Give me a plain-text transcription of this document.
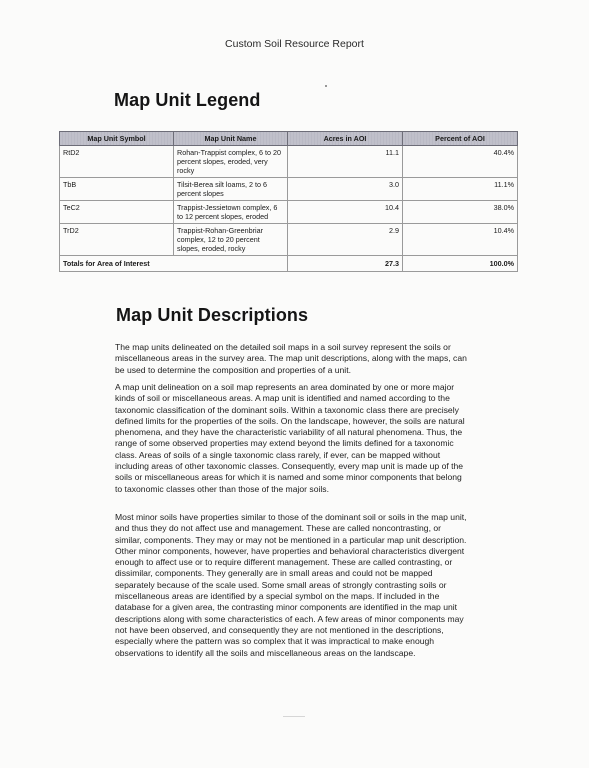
Custom Soil Resource Report
Map Unit Legend
Map Unit Symbol	Map Unit Name	Acres in AOI	Percent of AOI
RtD2	Rohan-Trappist complex, 6 to 20 percent slopes, eroded, very rocky	11.1	40.4%
TbB	Tilsit-Berea silt loams, 2 to 6 percent slopes	3.0	11.1%
TeC2	Trappist-Jessietown complex, 6 to 12 percent slopes, eroded	10.4	38.0%
TrD2	Trappist-Rohan-Greenbriar complex, 12 to 20 percent slopes, eroded, rocky	2.9	10.4%
Totals for Area of Interest		27.3	100.0%
Map Unit Descriptions
The map units delineated on the detailed soil maps in a soil survey represent the soils or miscellaneous areas in the survey area. The map unit descriptions, along with the maps, can be used to determine the composition and properties of a unit.
A map unit delineation on a soil map represents an area dominated by one or more major kinds of soil or miscellaneous areas. A map unit is identified and named according to the taxonomic classification of the dominant soils. Within a taxonomic class there are precisely defined limits for the properties of the soils. On the landscape, however, the soils are natural phenomena, and they have the characteristic variability of all natural phenomena. Thus, the range of some observed properties may extend beyond the limits defined for a taxonomic class. Areas of soils of a single taxonomic class rarely, if ever, can be mapped without including areas of other taxonomic classes. Consequently, every map unit is made up of the soils or miscellaneous areas for which it is named and some minor components that belong to taxonomic classes other than those of the major soils.
Most minor soils have properties similar to those of the dominant soil or soils in the map unit, and thus they do not affect use and management. These are called noncontrasting, or similar, components. They may or may not be mentioned in a particular map unit description. Other minor components, however, have properties and behavioral characteristics divergent enough to affect use or to require different management. These are called contrasting, or dissimilar, components. They generally are in small areas and could not be mapped separately because of the scale used. Some small areas of strongly contrasting soils or miscellaneous areas are identified by a special symbol on the maps. If included in the database for a given area, the contrasting minor components are identified in the map unit descriptions along with some characteristics of each. A few areas of minor components may not have been observed, and consequently they are not mentioned in the descriptions, especially where the pattern was so complex that it was impractical to make enough observations to identify all the soils and miscellaneous areas on the landscape.
